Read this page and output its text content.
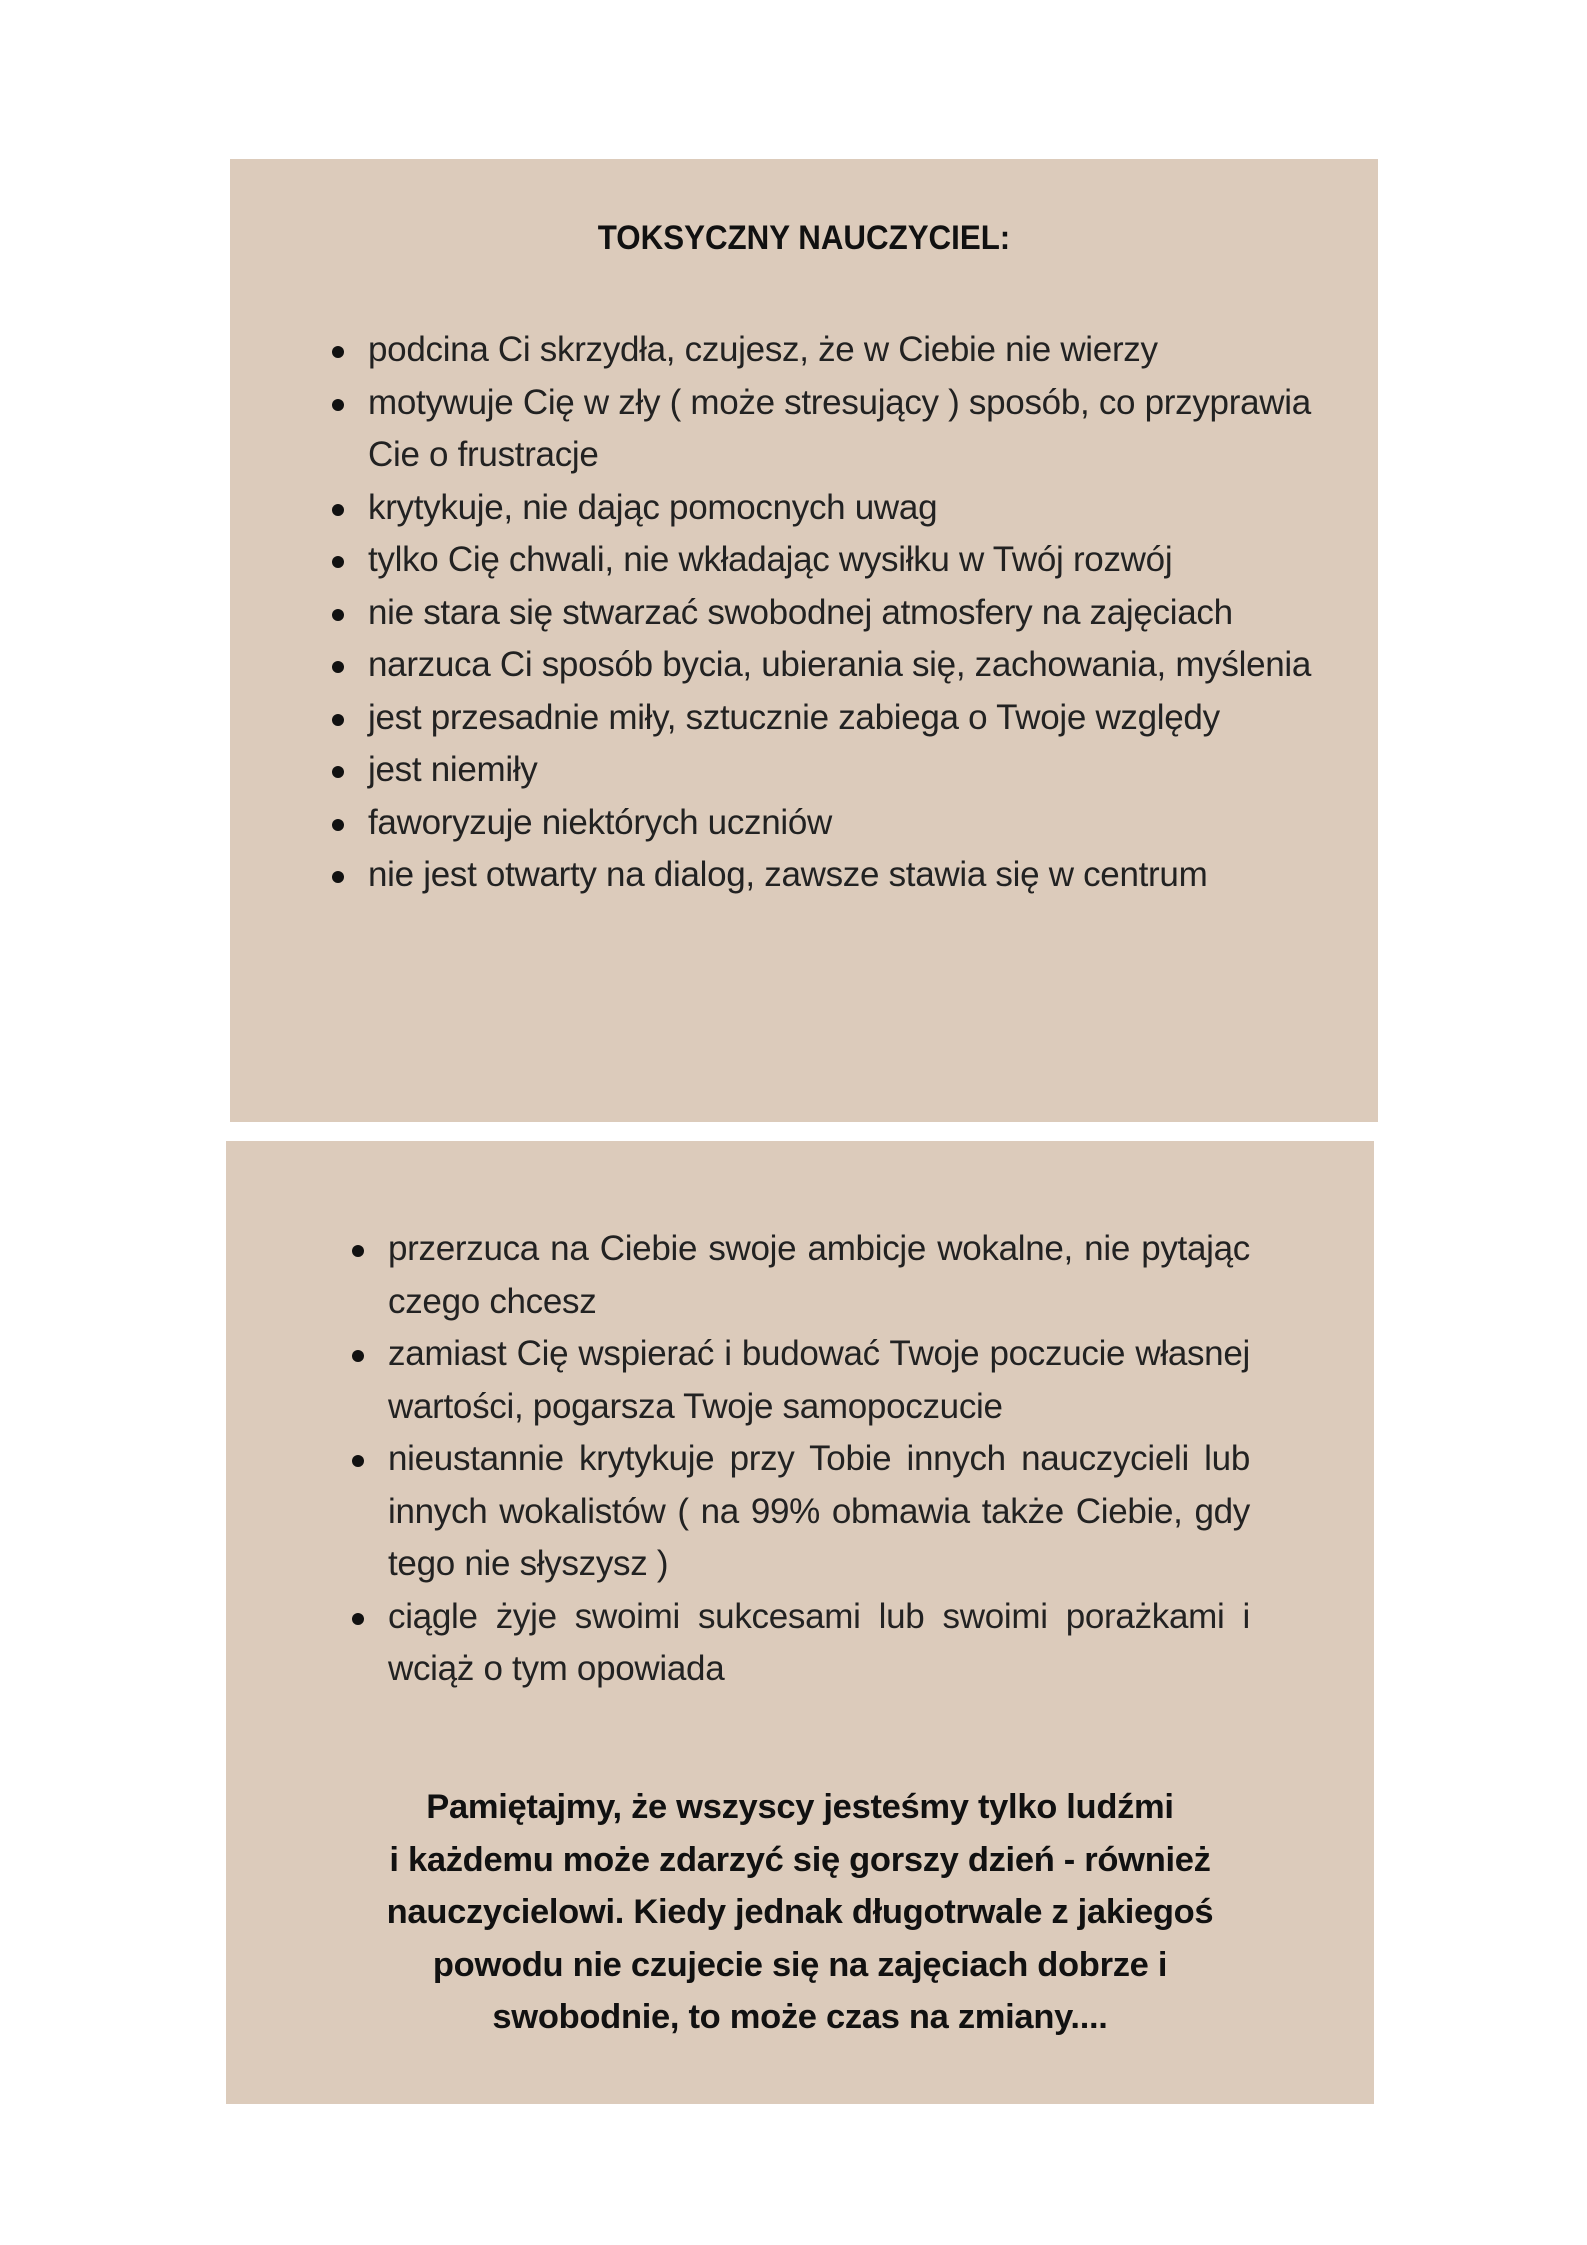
TOKSYCZNY NAUCZYCIEL:
podcina Ci skrzydła, czujesz, że w Ciebie nie wierzy
motywuje Cię w zły ( może stresujący ) sposób, co przyprawia Cie o frustracje
krytykuje, nie dając pomocnych uwag
tylko Cię chwali, nie wkładając wysiłku w Twój rozwój
nie stara się stwarzać swobodnej atmosfery na zajęciach
narzuca Ci sposób bycia, ubierania się, zachowania, myślenia
jest przesadnie miły, sztucznie zabiega o Twoje względy
jest niemiły
faworyzuje niektórych uczniów
nie jest otwarty na dialog, zawsze stawia się w centrum
przerzuca na Ciebie swoje ambicje wokalne, nie pytając czego chcesz
zamiast Cię wspierać i budować Twoje poczucie własnej wartości, pogarsza Twoje samopoczucie
nieustannie krytykuje przy Tobie innych nauczycieli lub innych wokalistów ( na 99% obmawia także Ciebie, gdy tego nie słyszysz )
ciągle żyje swoimi sukcesami lub swoimi porażkami i wciąż o tym opowiada
Pamiętajmy, że wszyscy jesteśmy tylko ludźmi
i każdemu może zdarzyć się gorszy dzień - również
nauczycielowi. Kiedy jednak długotrwale z jakiegoś
powodu nie czujecie się na zajęciach dobrze i
swobodnie, to może czas na zmiany....
